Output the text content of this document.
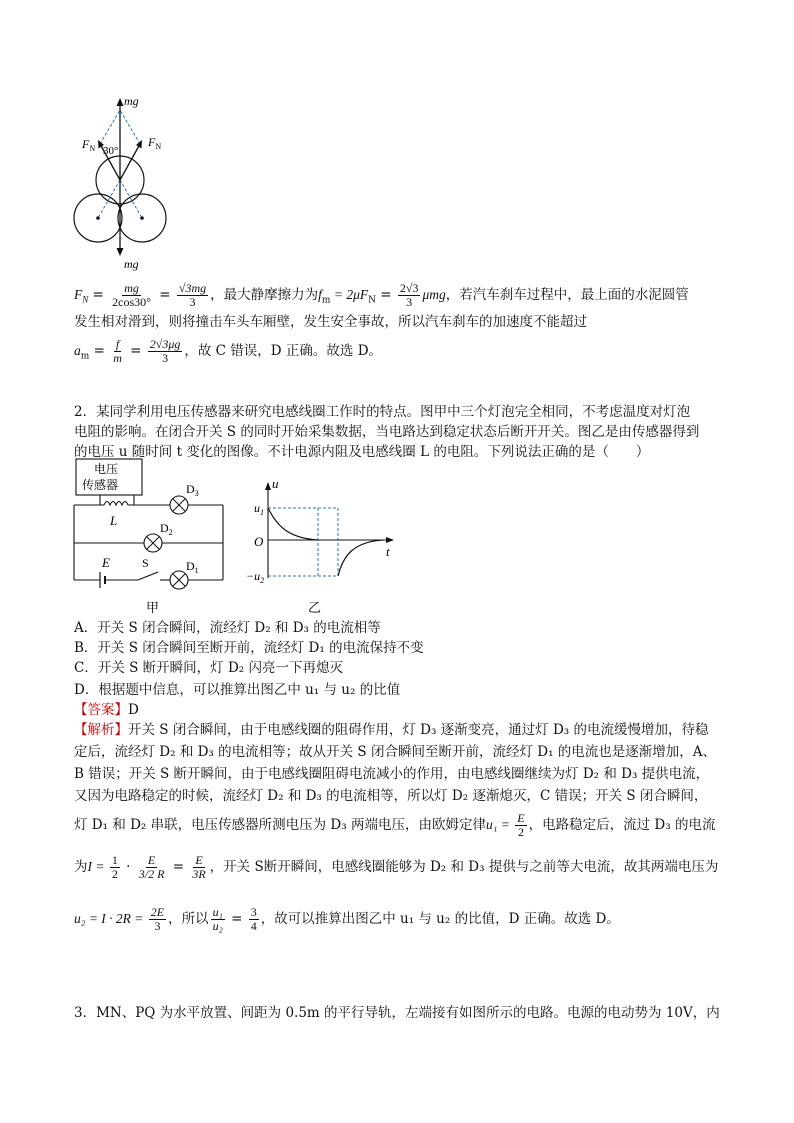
mg
mg
$F_N$	$F_N$
30°
$F_N = \frac{mg}{2\cos 30^\circ} = \frac{√3mg}{3}$ ，最大静摩擦力为$f_m = 2\mu F_N = \frac{2√3}{3}$ μmg，若汽车刹车过程中，最上面的水泥圆管
发生相对滑到，则将撞击车头车厢壁，发生安全事故，所以汽车刹车的加速度不能超过
$a_m = \frac{f}{m} = \frac{2√3\mu g}{3}$ ，故 C 错误，D 正确。故选 D。
2．某同学利用电压传感器来研究电感线圈工作时的特点。图甲中三个灯泡完全相同，不考虑温度对灯泡
电阻的影响。在闭合开关 S 的同时开始采集数据，当电路达到稳定状态后断开开关。图乙是由传感器得到
的电压 u 随时间 t 变化的图像。不计电源内阻及电感线圈 L 的电阻。下列说法正确的是（　　）
电压
传感器
L
$D_3$
$D_2$
E	S	$D_1$
甲
u
t
O
$u_1$
$-u_2$
乙
A．开关 S 闭合瞬间，流经灯 D₂ 和 D₃ 的电流相等
B．开关 S 闭合瞬间至断开前，流经灯 D₁ 的电流保持不变
C．开关 S 断开瞬间，灯 D₂ 闪亮一下再熄灭
D．根据题中信息，可以推算出图乙中 u₁ 与 u₂ 的比值
【答案】D
【解析】开关 S 闭合瞬间，由于电感线圈的阻碍作用，灯 D₃ 逐渐变亮，通过灯 D₃ 的电流缓慢增加，待稳
定后，流经灯 D₂ 和 D₃ 的电流相等；故从开关 S 闭合瞬间至断开前，流经灯 D₁ 的电流也是逐渐增加，A、
B 错误；开关 S 断开瞬间，由于电感线圈阻碍电流减小的作用，由电感线圈继续为灯 D₂ 和 D₃ 提供电流，
又因为电路稳定的时候，流经灯 D₂ 和 D₃ 的电流相等，所以灯 D₂ 逐渐熄灭，C 错误；开关 S 闭合瞬间，
灯 D₁ 和 D₂ 串联，电压传感器所测电压为 D₃ 两端电压，由欧姆定律$u_1 = \frac{E}{2}$ ，电路稳定后，流过 D₃ 的电流
为$I = \frac{1}{2} \cdot \frac{E}{3/2 R} = \frac{E}{3R}$ ，开关 S断开瞬间，电感线圈能够为 D₂ 和 D₃ 提供与之前等大电流，故其两端电压为
$u_2 = I \cdot 2R = \frac{2E}{3}$ ，所以 $\frac{\text{u₁}}{\text{u₂}} = \frac{3}{4}$ ，故可以推算出图乙中 u₁ 与 u₂ 的比值，D 正确。故选 D。
3．MN、PQ 为水平放置、间距为 0.5m 的平行导轨，左端接有如图所示的电路。电源的电动势为 10V，内
